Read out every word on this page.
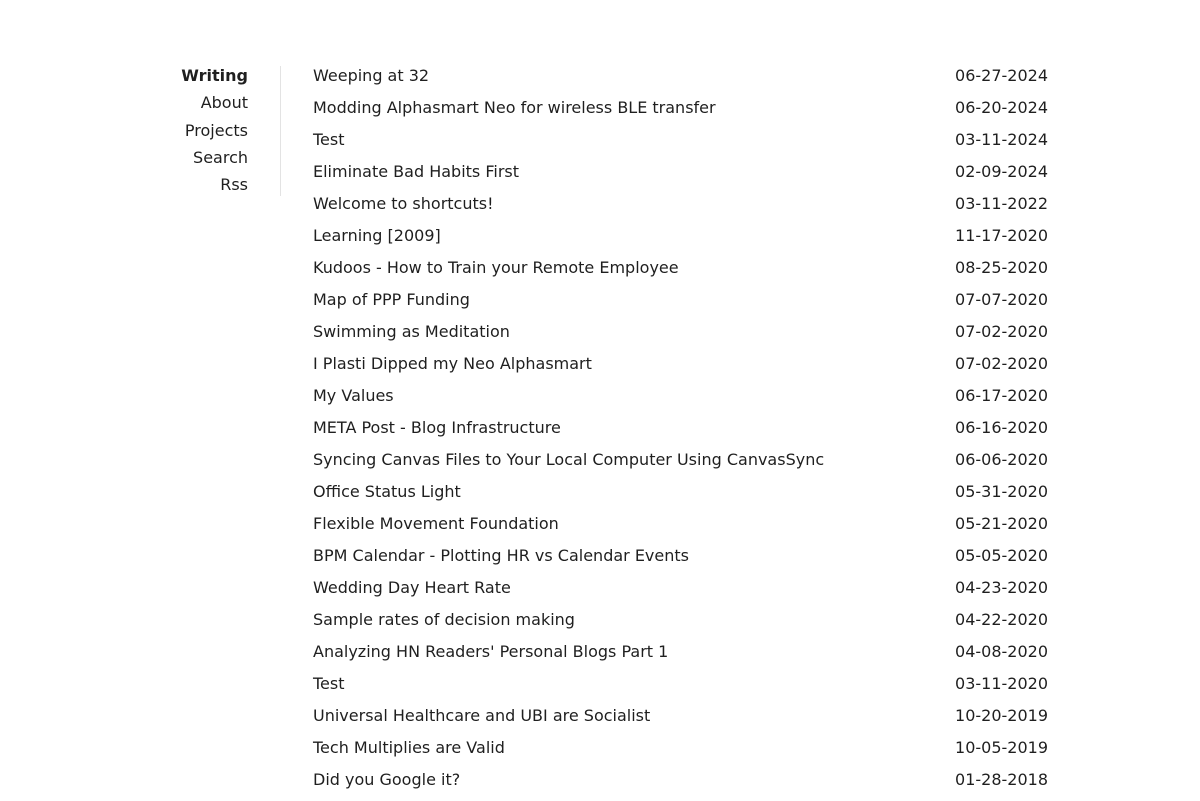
Writing
About
Projects
Search
Rss
Weeping at 32	06-27-2024
Modding Alphasmart Neo for wireless BLE transfer	06-20-2024
Test	03-11-2024
Eliminate Bad Habits First	02-09-2024
Welcome to shortcuts!	03-11-2022
Learning [2009]	11-17-2020
Kudoos - How to Train your Remote Employee	08-25-2020
Map of PPP Funding	07-07-2020
Swimming as Meditation	07-02-2020
I Plasti Dipped my Neo Alphasmart	07-02-2020
My Values	06-17-2020
META Post - Blog Infrastructure	06-16-2020
Syncing Canvas Files to Your Local Computer Using CanvasSync	06-06-2020
Office Status Light	05-31-2020
Flexible Movement Foundation	05-21-2020
BPM Calendar - Plotting HR vs Calendar Events	05-05-2020
Wedding Day Heart Rate	04-23-2020
Sample rates of decision making	04-22-2020
Analyzing HN Readers' Personal Blogs Part 1	04-08-2020
Test	03-11-2020
Universal Healthcare and UBI are Socialist	10-20-2019
Tech Multiplies are Valid	10-05-2019
Did you Google it?	01-28-2018
